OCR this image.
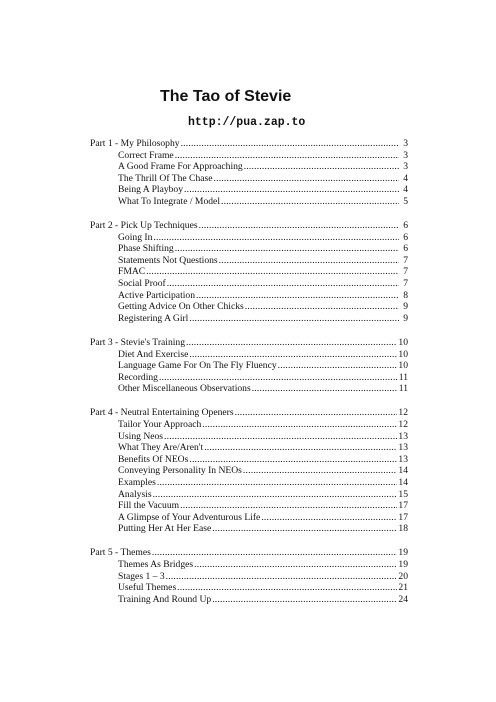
The Tao of Stevie
http://pua.zap.to
Part 1 - My Philosophy .....	3
Correct Frame .....	3
A Good Frame For Approaching .....	3
The Thrill Of The Chase .....	4
Being A Playboy .....	4
What To Integrate / Model .....	5
Part 2 - Pick Up Techniques .....	6
Going In .....	6
Phase Shifting .....	6
Statements Not Questions .....	7
FMAC .....	7
Social Proof .....	7
Active Participation .....	8
Getting Advice On Other Chicks .....	9
Registering A Girl .....	9
Part 3 - Stevie's Training .....	10
Diet And Exercise .....	10
Language Game For On The Fly Fluency .....	10
Recording .....	11
Other Miscellaneous Observations .....	11
Part 4 - Neutral Entertaining Openers .....	12
Tailor Your Approach .....	12
Using Neos .....	13
What They Are/Aren't .....	13
Benefits Of NEOs .....	13
Conveying Personality In NEOs .....	14
Examples .....	14
Analysis .....	15
Fill the Vacuum .....	17
A Glimpse of Your Adventurous Life .....	17
Putting Her At Her Ease .....	18
Part 5 - Themes .....	19
Themes As Bridges .....	19
Stages 1 – 3 .....	20
Useful Themes .....	21
Training And Round Up .....	24
